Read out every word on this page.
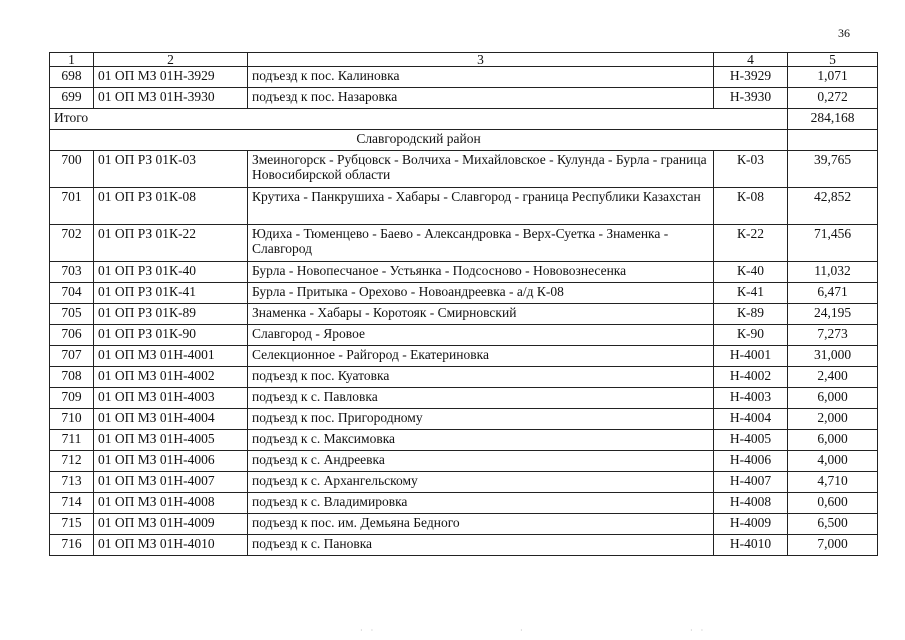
36
1	2	3	4	5
698	01 ОП МЗ 01Н-3929	подъезд к пос. Калиновка	Н-3929	1,071
699	01 ОП МЗ 01Н-3930	подъезд к пос. Назаровка	Н-3930	0,272
Итого				284,168
Славгородский район				
700	01 ОП РЗ 01К-03	Змеиногорск - Рубцовск - Волчиха - Михайловское - Кулунда - Бурла - граница Новосибирской области	К-03	39,765
701	01 ОП РЗ 01К-08	Крутиха - Панкрушиха - Хабары - Славгород - граница Республики Казахстан	К-08	42,852
702	01 ОП РЗ 01К-22	Юдиха - Тюменцево - Баево - Александровка - Верх-Суетка - Знаменка - Славгород	К-22	71,456
703	01 ОП РЗ 01К-40	Бурла - Новопесчаное - Устьянка - Подсосново - Нововознесенка	К-40	11,032
704	01 ОП РЗ 01К-41	Бурла - Притыка - Орехово - Новоандреевка - а/д К-08	К-41	6,471
705	01 ОП РЗ 01К-89	Знаменка - Хабары - Коротояк - Смирновский	К-89	24,195
706	01 ОП РЗ 01К-90	Славгород - Яровое	К-90	7,273
707	01 ОП МЗ 01Н-4001	Селекционное - Райгород - Екатериновка	Н-4001	31,000
708	01 ОП МЗ 01Н-4002	подъезд к пос. Куатовка	Н-4002	2,400
709	01 ОП МЗ 01Н-4003	подъезд к с. Павловка	Н-4003	6,000
710	01 ОП МЗ 01Н-4004	подъезд к пос. Пригородному	Н-4004	2,000
711	01 ОП МЗ 01Н-4005	подъезд к с. Максимовка	Н-4005	6,000
712	01 ОП МЗ 01Н-4006	подъезд к с. Андреевка	Н-4006	4,000
713	01 ОП МЗ 01Н-4007	подъезд к с. Архангельскому	Н-4007	4,710
714	01 ОП МЗ 01Н-4008	подъезд к с. Владимировка	Н-4008	0,600
715	01 ОП МЗ 01Н-4009	подъезд к пос. им. Демьяна Бедного	Н-4009	6,500
716	01 ОП МЗ 01Н-4010	подъезд к с. Пановка	Н-4010	7,000
· ·	·	· ·
